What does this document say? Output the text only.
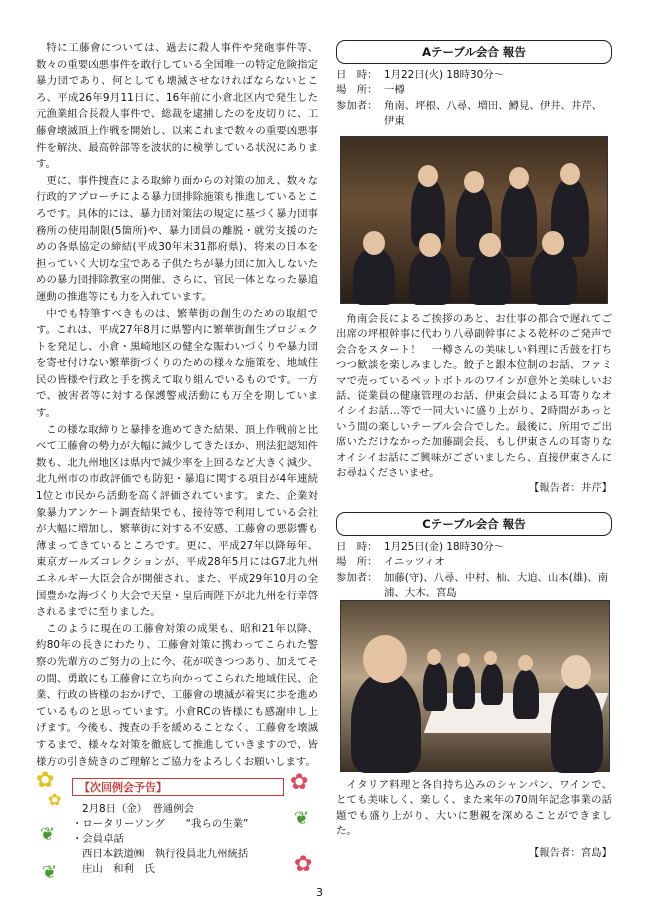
特に工藤會については、過去に殺人事件や発砲事件等、数々の重要凶悪事件を敢行している全国唯一の特定危険指定暴力団であり、何としても壊滅させなければならないところ、平成26年9月11日に、16年前に小倉北区内で発生した元漁業組合長殺人事件で、総裁を逮捕したのを皮切りに、工藤會壊滅頂上作戦を開始し、以来これまで数々の重要凶悪事件を解決、最高幹部等を波状的に検挙している状況にあります。

更に、事件捜査による取締り面からの対策の加え、数々な行政的アプローチによる暴力団排除施策も推進しているところです。具体的には、暴力団対策法の規定に基づく暴力団事務所の使用制限(5箇所)や、暴力団員の離脱・就労支援のための各県協定の締結(平成30年末31都府県)、将来の日本を担っていく大切な宝である子供たちが暴力団に加入しないための暴力団排除教室の開催、さらに、官民一体となった暴追運動の推進等にも力を入れています。

中でも特筆すべきものは、繁華街の創生のための取組です。これは、平成27年8月に県警内に繁華街創生プロジェクトを発足し、小倉・黒崎地区の健全な賑わいづくりや暴力団を寄せ付けない繁華街づくりのための様々な施策を、地域住民の皆様や行政と手を携えて取り組んでいるものです。一方で、被害者等に対する保護警戒活動にも万全を期しています。

この様な取締りと暴排を進めてきた結果、頂上作戦前と比べて工藤會の勢力が大幅に減少してきたほか、刑法犯認知件数も、北九州地区は県内で減少率を上回るなど大きく減少、北九州市の市政評価でも防犯・暴追に関する項目が4年連続1位と市民から活動を高く評価されています。また、企業対象暴力アンケート調査結果でも、接待等で利用している会社が大幅に増加し、繁華街に対する不安感、工藤會の悪影響も薄まってきているところです。更に、平成27年以降毎年、東京ガールズコレクションが、平成28年5月にはG7北九州エネルギー大臣会合が開催され、また、平成29年10月の全国豊かな海づくり大会で天皇・皇后両陛下が北九州を行幸啓されるまでに至りました。

このように現在の工藤會対策の成果も、昭和21年以降、約80年の長きにわたり、工藤會対策に携わってこられた警察の先輩方のご努力の上に今、花が咲きつつあり、加えてその間、勇敢にも工藤會に立ち向かってこられた地域住民、企業、行政の皆様のおかげで、工藤會の壊滅が着実に歩を進めているものと思っています。小倉RCの皆様にも感謝申し上げます。今後も、捜査の手を緩めることなく、工藤會を壊滅するまで、様々な対策を徹底して推進していきますので、皆様方の引き続きのご理解とご協力をよろしくお願いします。

Aテーブル会合 報告
日　時： 1月22日(火) 18時30分～
場　所： 一樽
参加者： 角南、坪根、八尋、増田、鱒見、伊井、井芹、伊東
角南会長によるご挨拶のあと、お仕事の都合で遅れてご出席の坪根幹事に代わり八尋副幹事による乾杯のご発声で会合をスタート！　一樽さんの美味しい料理に舌鼓を打ちつつ歓談を楽しみました。餃子と銀本位制のお話、ファミマで売っているペットボトルのワインが意外と美味しいお話、従業員の健康管理のお話、伊東会員による耳寄りなオイシイお話…等で一同大いに盛り上がり、2時間があっという間の楽しいテーブル会合でした。最後に、所用でご出席いただけなかった加藤副会長、もし伊東さんの耳寄りなオイシイお話にご興味がございましたら、直接伊東さんにお尋ねくださいませ。
【報告者：井芹】
Cテーブル会合 報告
日　時： 1月25日(金) 18時30分～
場　所： イニッツィオ
参加者： 加藤(守)、八尋、中村、杣、大迫、山本(雄)、南浦、大木、宮島
イタリア料理と各自持ち込みのシャンパン、ワインで、とても美味しく、楽しく、また来年の70周年記念事業の話題でも盛り上がり、大いに懇親を深めることができました。
【報告者：宮島】
✿
✿
✿
✿
❦
❦
❦
【次回例会予告】
2月8日（金）　普通例会
・ロータリーソング　　“我らの生業”
・会員卓話
西日本鉄道㈱　執行役員北九州統括
庄山　和利　氏
3
